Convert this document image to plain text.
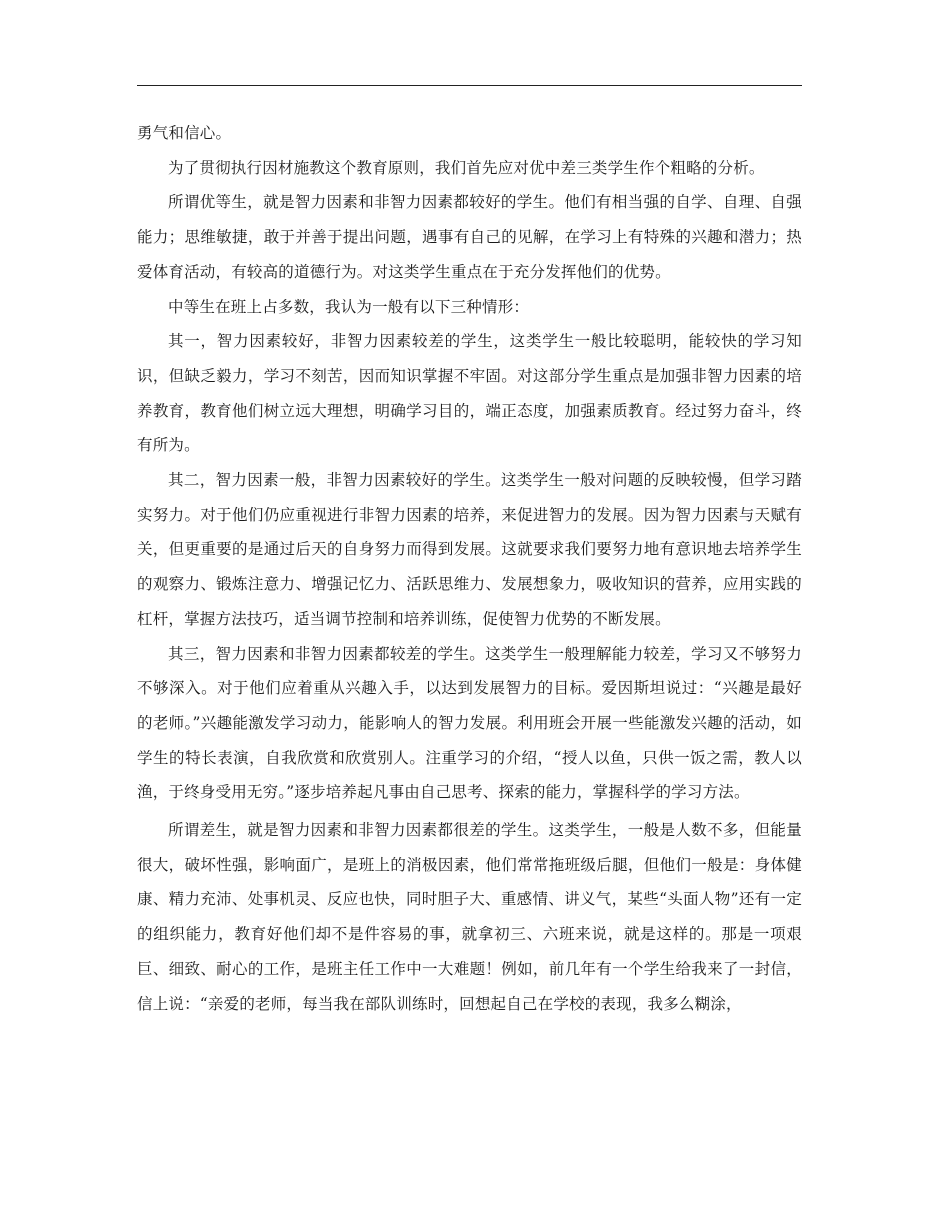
勇气和信心。

为了贯彻执行因材施教这个教育原则，我们首先应对优中差三类学生作个粗略的分析。

所谓优等生，就是智力因素和非智力因素都较好的学生。他们有相当强的自学、自理、自强能力；思维敏捷，敢于并善于提出问题，遇事有自己的见解，在学习上有特殊的兴趣和潜力；热爱体育活动，有较高的道德行为。对这类学生重点在于充分发挥他们的优势。

中等生在班上占多数，我认为一般有以下三种情形：

其一，智力因素较好，非智力因素较差的学生，这类学生一般比较聪明，能较快的学习知识，但缺乏毅力，学习不刻苦，因而知识掌握不牢固。对这部分学生重点是加强非智力因素的培养教育，教育他们树立远大理想，明确学习目的，端正态度，加强素质教育。经过努力奋斗，终有所为。

其二，智力因素一般，非智力因素较好的学生。这类学生一般对问题的反映较慢，但学习踏实努力。对于他们仍应重视进行非智力因素的培养，来促进智力的发展。因为智力因素与天赋有关，但更重要的是通过后天的自身努力而得到发展。这就要求我们要努力地有意识地去培养学生的观察力、锻炼注意力、增强记忆力、活跃思维力、发展想象力，吸收知识的营养，应用实践的杠杆，掌握方法技巧，适当调节控制和培养训练，促使智力优势的不断发展。

其三，智力因素和非智力因素都较差的学生。这类学生一般理解能力较差，学习又不够努力不够深入。对于他们应着重从兴趣入手，以达到发展智力的目标。爱因斯坦说过：“兴趣是最好的老师。”兴趣能激发学习动力，能影响人的智力发展。利用班会开展一些能激发兴趣的活动，如学生的特长表演，自我欣赏和欣赏别人。注重学习的介绍，“授人以鱼，只供一饭之需，教人以渔，于终身受用无穷。”逐步培养起凡事由自己思考、探索的能力，掌握科学的学习方法。

所谓差生，就是智力因素和非智力因素都很差的学生。这类学生，一般是人数不多，但能量很大，破坏性强，影响面广，是班上的消极因素，他们常常拖班级后腿，但他们一般是：身体健康、精力充沛、处事机灵、反应也快，同时胆子大、重感情、讲义气，某些“头面人物”还有一定的组织能力，教育好他们却不是件容易的事，就拿初三、六班来说，就是这样的。那是一项艰巨、细致、耐心的工作，是班主任工作中一大难题！例如，前几年有一个学生给我来了一封信，信上说：“亲爱的老师，每当我在部队训练时，回想起自己在学校的表现，我多么糊涂，
